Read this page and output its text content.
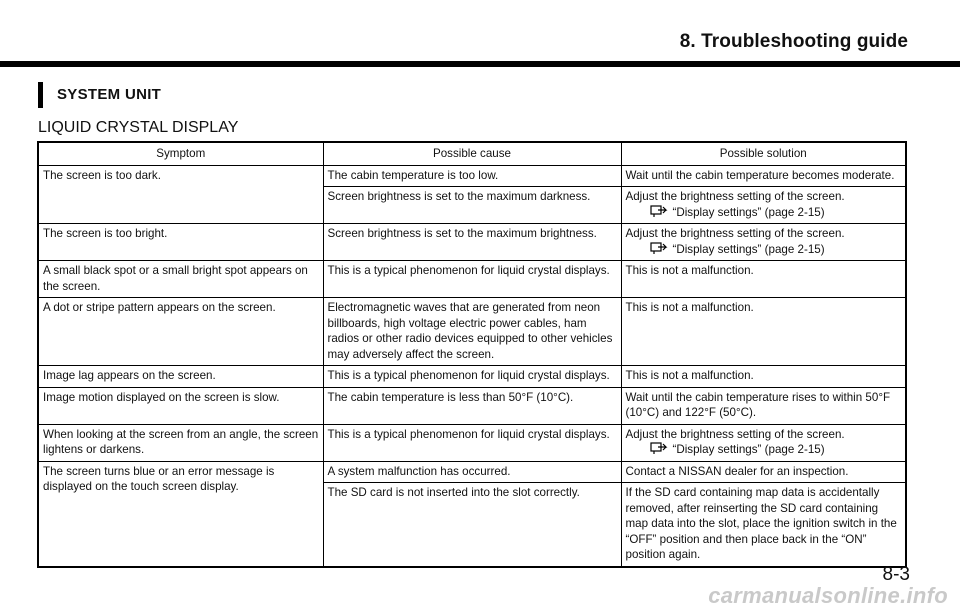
8. Troubleshooting guide
SYSTEM UNIT
LIQUID CRYSTAL DISPLAY
Symptom	Possible cause	Possible solution
The screen is too dark.	The cabin temperature is too low.	Wait until the cabin temperature becomes moderate.
	Screen brightness is set to the maximum darkness.	Adjust the brightness setting of the screen.
“Display settings” (page 2-15)

The screen is too bright.	Screen brightness is set to the maximum brightness.	Adjust the brightness setting of the screen.
“Display settings” (page 2-15)

A small black spot or a small bright spot appears on the screen.	This is a typical phenomenon for liquid crystal displays.	This is not a malfunction.
A dot or stripe pattern appears on the screen.	Electromagnetic waves that are generated from neon billboards, high voltage electric power cables, ham radios or other radio devices equipped to other vehicles may adversely affect the screen.	This is not a malfunction.
Image lag appears on the screen.	This is a typical phenomenon for liquid crystal displays.	This is not a malfunction.
Image motion displayed on the screen is slow.	The cabin temperature is less than 50°F (10°C).	Wait until the cabin temperature rises to within 50°F (10°C) and 122°F (50°C).
When looking at the screen from an angle, the screen lightens or darkens.	This is a typical phenomenon for liquid crystal displays.	Adjust the brightness setting of the screen.
“Display settings” (page 2-15)

The screen turns blue or an error message is displayed on the touch screen display.	A system malfunction has occurred.	Contact a NISSAN dealer for an inspection.
	The SD card is not inserted into the slot correctly.	If the SD card containing map data is accidentally removed, after reinserting the SD card containing map data into the slot, place the ignition switch in the “OFF” position and then place back in the “ON” position again.
8-3
carmanualsonline.info
